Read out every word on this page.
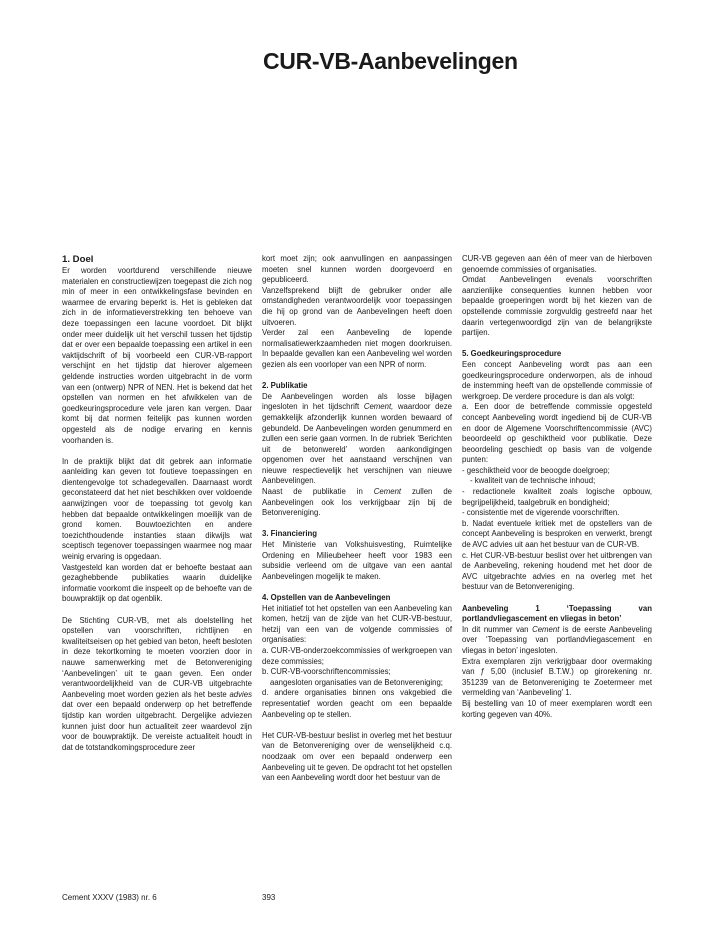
CUR-VB-Aanbevelingen
1. Doel

Er worden voortdurend verschillende nieuwe materialen en constructiewijzen toegepast die zich nog min of meer in een ontwikkelingsfase bevinden en waarmee de ervaring beperkt is. Het is gebleken dat zich in de informatieverstrekking ten behoeve van deze toepassingen een lacune voordoet. Dit blijkt onder meer duidelijk uit het verschil tussen het tijdstip dat er over een bepaalde toepassing een artikel in een vaktijdschrift of bij voorbeeld een CUR-VB-rapport verschijnt en het tijdstip dat hierover algemeen geldende instructies worden uitgebracht in de vorm van een (ontwerp) NPR of NEN. Het is bekend dat het opstellen van normen en het afwikkelen van de goedkeuringsprocedure vele jaren kan vergen. Daar komt bij dat normen feitelijk pas kunnen worden opgesteld als de nodige ervaring en kennis voorhanden is.

In de praktijk blijkt dat dit gebrek aan informatie aanleiding kan geven tot foutieve toepassingen en dientengevolge tot schadegevallen. Daarnaast wordt geconstateerd dat het niet beschikken over voldoende aanwijzingen voor de toepassing tot gevolg kan hebben dat bepaalde ontwikkelingen moeilijk van de grond komen. Bouwtoezichten en andere toezichthoudende instanties staan dikwijls wat sceptisch tegenover toepassingen waarmee nog maar weinig ervaring is opgedaan.

Vastgesteld kan worden dat er behoefte bestaat aan gezaghebbende publikaties waarin duidelijke informatie voorkomt die inspeelt op de behoefte van de bouwpraktijk op dat ogenblik.

De Stichting CUR-VB, met als doelstelling het opstellen van voorschriften, richtlijnen en kwaliteitseisen op het gebied van beton, heeft besloten in deze tekortkoming te moeten voorzien door in nauwe samenwerking met de Betonvereniging ‘Aanbevelingen’ uit te gaan geven. Een onder verantwoordelijkheid van de CUR-VB uitgebrachte Aanbeveling moet worden gezien als het beste advies dat over een bepaald onderwerp op het betreffende tijdstip kan worden uitgebracht. Dergelijke adviezen kunnen juist door hun actualiteit zeer waardevol zijn voor de bouwpraktijk. De vereiste actualiteit houdt in dat de totstandkomingsprocedure zeer

kort moet zijn; ook aanvullingen en aanpassingen moeten snel kunnen worden doorgevoerd en gepubliceerd.

Vanzelfsprekend blijft de gebruiker onder alle omstandigheden verantwoordelijk voor toepassingen die hij op grond van de Aanbevelingen heeft doen uitvoeren.

Verder zal een Aanbeveling de lopende normalisatiewerkzaamheden niet mogen doorkruisen. In bepaalde gevallen kan een Aanbeveling wel worden gezien als een voorloper van een NPR of norm.

2. Publikatie

De Aanbevelingen worden als losse bijlagen ingesloten in het tijdschrift Cement, waardoor deze gemakkelijk afzonderlijk kunnen worden bewaard of gebundeld. De Aanbevelingen worden genummerd en zullen een serie gaan vormen. In de rubriek ‘Berichten uit de betonwereld’ worden aankondigingen opgenomen over het aanstaand verschijnen van nieuwe respectievelijk het verschijnen van nieuwe Aanbevelingen.

Naast de publikatie in Cement zullen de Aanbevelingen ook los verkrijgbaar zijn bij de Betonvereniging.

3. Financiering

Het Ministerie van Volkshuisvesting, Ruimtelijke Ordening en Milieubeheer heeft voor 1983 een subsidie verleend om de uitgave van een aantal Aanbevelingen mogelijk te maken.

4. Opstellen van de Aanbevelingen

Het initiatief tot het opstellen van een Aanbeveling kan komen, hetzij van de zijde van het CUR-VB-bestuur, hetzij van een van de volgende commissies of organisaties:

a. CUR-VB-onderzoekcommissies of werkgroepen van deze commissies;

b. CUR-VB-voorschriftencommissies;

aangesloten organisaties van de Betonvereniging;

d. andere organisaties binnen ons vakgebied die representatief worden geacht om een bepaalde Aanbeveling op te stellen.

Het CUR-VB-bestuur beslist in overleg met het bestuur van de Betonvereniging over de wenselijkheid c.q. noodzaak om over een bepaald onderwerp een Aanbeveling uit te geven. De opdracht tot het opstellen van een Aanbeveling wordt door het bestuur van de

CUR-VB gegeven aan één of meer van de hierboven genoemde commissies of organisaties.

Omdat Aanbevelingen evenals voorschriften aanzienlijke consequenties kunnen hebben voor bepaalde groeperingen wordt bij het kiezen van de opstellende commissie zorgvuldig gestreefd naar het daarin vertegenwoordigd zijn van de belangrijkste partijen.

5. Goedkeuringsprocedure

Een concept Aanbeveling wordt pas aan een goedkeuringsprocedure onderworpen, als de inhoud de instemming heeft van de opstellende commissie of werkgroep. De verdere procedure is dan als volgt:

a. Een door de betreffende commissie opgesteld concept Aanbeveling wordt ingediend bij de CUR-VB en door de Algemene Voorschriftencommissie (AVC) beoordeeld op geschiktheid voor publikatie. Deze beoordeling geschiedt op basis van de volgende punten:

- geschiktheid voor de beoogde doelgroep;

- kwaliteit van de technische inhoud;

- redactionele kwaliteit zoals logische opbouw, begrijpelijkheid, taalgebruik en bondigheid;

- consistentie met de vigerende voorschriften.

b. Nadat eventuele kritiek met de opstellers van de concept Aanbeveling is besproken en verwerkt, brengt de AVC advies uit aan het bestuur van de CUR-VB.

c. Het CUR-VB-bestuur beslist over het uitbrengen van de Aanbeveling, rekening houdend met het door de AVC uitgebrachte advies en na overleg met het bestuur van de Betonvereniging.

Aanbeveling 1 ‘Toepassing van portlandvliegascement en vliegas in beton’

In dit nummer van Cement is de eerste Aanbeveling over ‘Toepassing van portlandvliegascement en vliegas in beton’ ingesloten.

Extra exemplaren zijn verkrijgbaar door overmaking van ƒ 5,00 (inclusief B.T.W.) op girorekening nr. 351239 van de Betonvereniging te Zoetermeer met vermelding van ‘Aanbeveling’ 1.

Bij bestelling van 10 of meer exemplaren wordt een korting gegeven van 40%.

Cement XXXV (1983) nr. 6	393
